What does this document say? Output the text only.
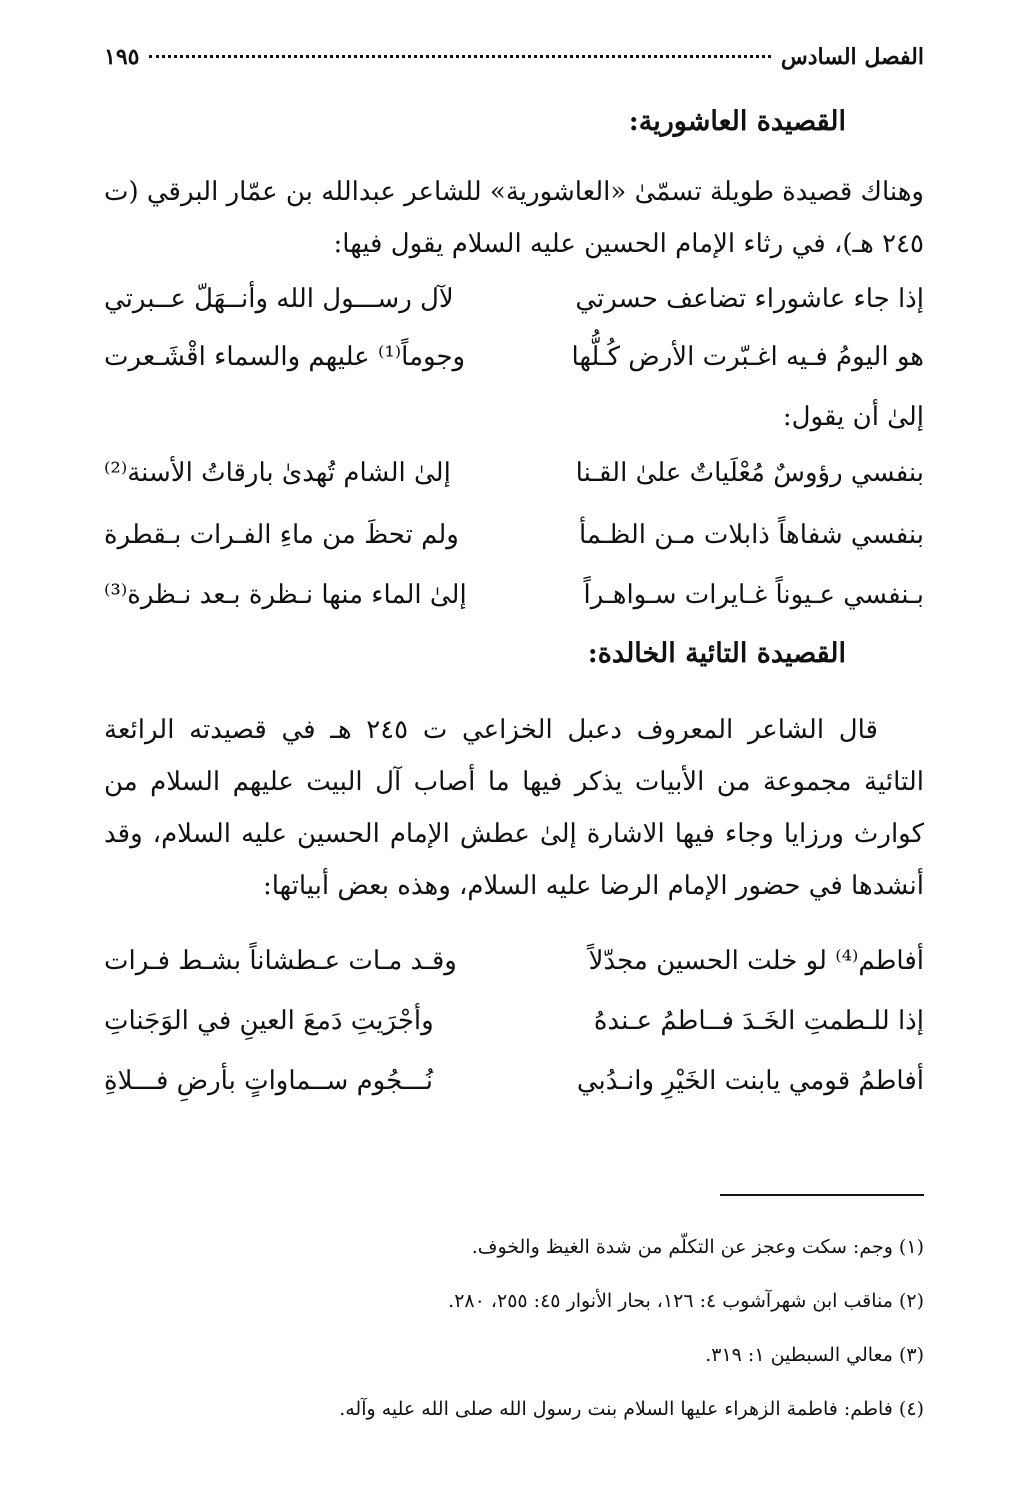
الفصل السادس
١٩٥
القصيدة العاشورية:
وهناك قصيدة طويلة تسمّىٰ «العاشورية» للشاعر عبدالله بن عمّار البرقي (ت ٢٤٥ هـ)، في رثاء الإمام الحسين عليه السلام يقول فيها:
إذا جاء عاشوراء تضاعف حسرتي
لآل رســـول الله وأنــهَلّ عــبرتي
هو اليومُ فـيه اغـبّرت الأرض كُـلُّها
وجوماً⁽¹⁾ عليهم والسماء اقْشَـعرت
إلىٰ أن يقول:
بنفسي رؤوسٌ مُعْلَياتٌ علىٰ القـنا
إلىٰ الشام تُهدىٰ بارقاتُ الأسنة⁽²⁾
بنفسي شفاهاً ذابلات مـن الظـمأ
ولم تحظَ من ماءِ الفـرات بـقطرة
بـنفسي عـيوناً غـايرات سـواهـراً
إلىٰ الماء منها نـظرة بـعد نـظرة⁽³⁾
القصيدة التائية الخالدة:
قال الشاعر المعروف دعبل الخزاعي ت ٢٤٥ هـ في قصيدته الرائعة التائية مجموعة من الأبيات يذكر فيها ما أصاب آل البيت عليهم السلام من كوارث ورزايا وجاء فيها الاشارة إلىٰ عطش الإمام الحسين عليه السلام، وقد أنشدها في حضور الإمام الرضا عليه السلام، وهذه بعض أبياتها:
أفاطم⁽⁴⁾ لو خلت الحسين مجدّلاً
وقـد مـات عـطشاناً بشـط فـرات
إذا للـطمتِ الخَـدَ فــاطمُ عـندهُ
وأجْرَيتِ دَمعَ العينِ في الوَجَناتِ
أفاطمُ قومي يابنت الخَيْرِ وانـدُبي
نُـــجُوم ســماواتٍ بأرضِ فـــلاةِ
(١) وجم: سكت وعجز عن التكلّم من شدة الغيظ والخوف.
(٢) مناقب ابن شهرآشوب ٤: ١٢٦، بحار الأنوار ٤٥: ٢٥٥، ٢٨٠.
(٣) معالي السبطين ١: ٣١٩.
(٤) فاطم: فاطمة الزهراء عليها السلام بنت رسول الله صلى الله عليه وآله.
